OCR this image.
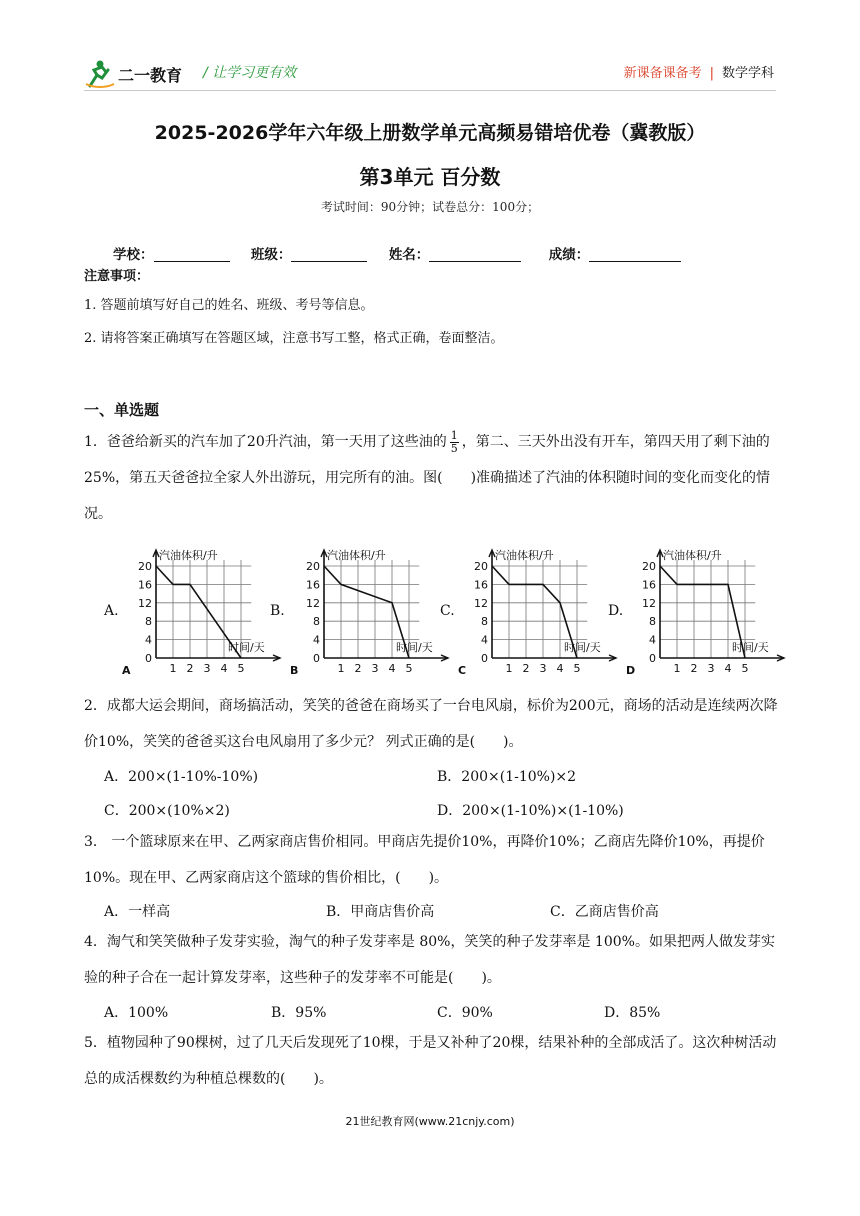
二一教育 / 让学习更有效	新课备课备考 | 数学学科
2025-2026学年六年级上册数学单元高频易错培优卷（冀教版）
第3单元 百分数
考试时间：90分钟；试卷总分：100分；
学校：	班级：	姓名：	成绩：
注意事项：
1. 答题前填写好自己的姓名、班级、考号等信息。
2. 请将答案正确填写在答题区域，注意书写工整，格式正确，卷面整洁。
一、单选题
1．爸爸给新买的汽车加了20升汽油，第一天用了这些油的 $\frac{1}{5}$ ，第二、三天外出没有开车，第四天用了剩下油的25%，第五天爸爸拉全家人外出游玩，用完所有的油。图(　　)准确描述了汽油的体积随时间的变化而变化的情况。
A.	B.	C.	D.
汽油体积/升
时间/天
20
16
12
8
4
0
1 2 3 4 5
A
汽油体积/升
时间/天
20
16
12
8
4
0
1 2 3 4 5
B
汽油体积/升
时间/天
20
16
12
8
4
0
1 2 3 4 5
C
汽油体积/升
时间/天
20
16
12
8
4
0
1 2 3 4 5
D
2．成都大运会期间，商场搞活动，笑笑的爸爸在商场买了一台电风扇，标价为200元，商场的活动是连续两次降价10%，笑笑的爸爸买这台电风扇用了多少元？ 列式正确的是(　　)。
A．200×(1-10%-10%)	B．200×(1-10%)×2
C．200×(10%×2)	D．200×(1-10%)×(1-10%)
3． 一个篮球原来在甲、乙两家商店售价相同。甲商店先提价10%，再降价10%；乙商店先降价10%，再提价10%。现在甲、乙两家商店这个篮球的售价相比，(　　)。
A．一样高	B．甲商店售价高	C．乙商店售价高
4．淘气和笑笑做种子发芽实验，淘气的种子发芽率是 80%，笑笑的种子发芽率是 100%。如果把两人做发芽实验的种子合在一起计算发芽率，这些种子的发芽率不可能是(　　)。
A．100%	B．95%	C．90%	D．85%
5．植物园种了90棵树，过了几天后发现死了10棵，于是又补种了20棵，结果补种的全部成活了。这次种树活动总的成活棵数约为种植总棵数的(　　)。
21世纪教育网(www.21cnjy.com)
